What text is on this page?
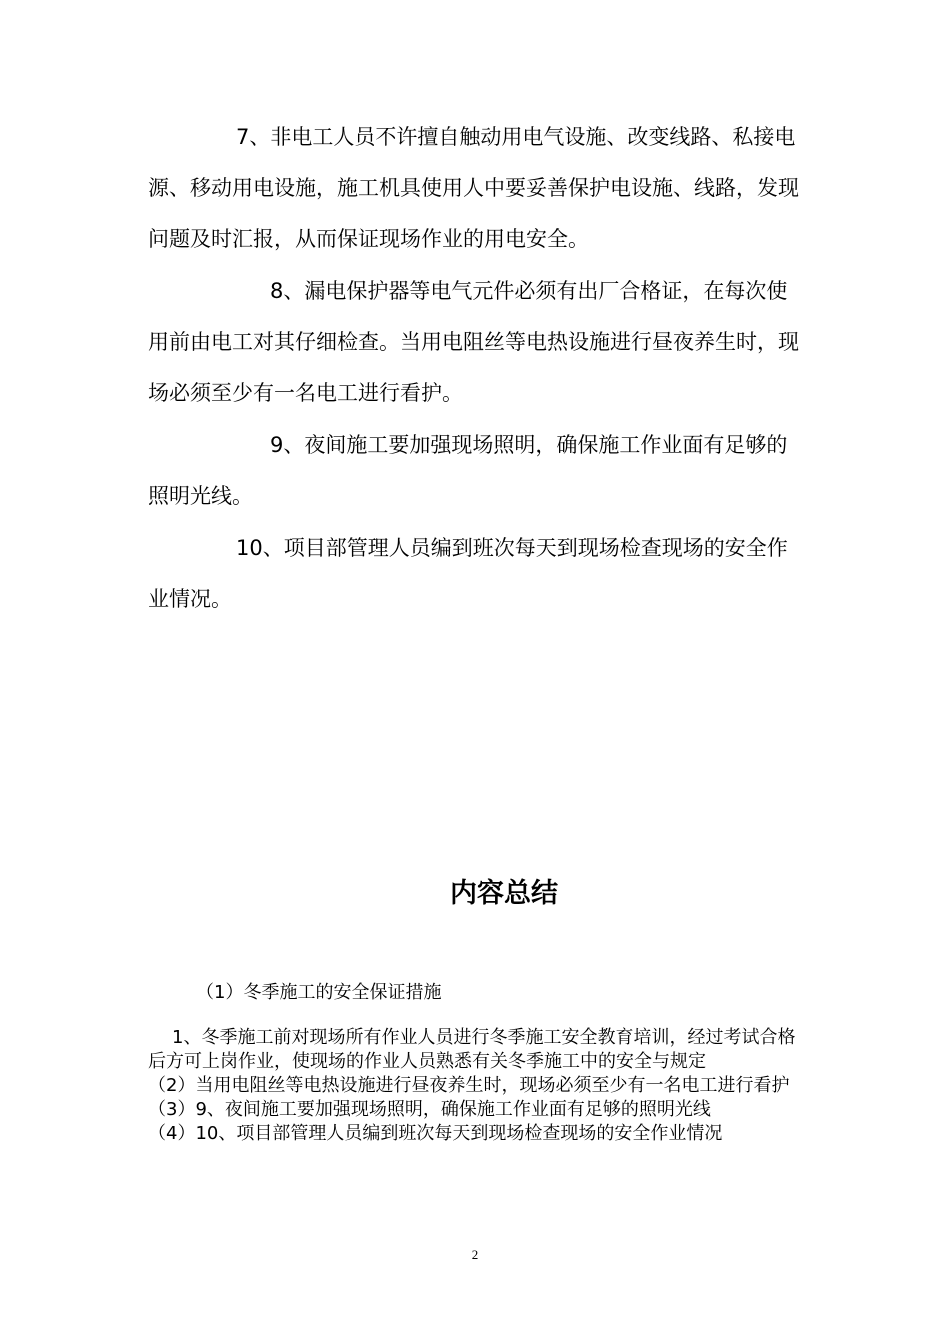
7、非电工人员不许擅自触动用电气设施、改变线路、私接电源、移动用电设施，施工机具使用人中要妥善保护电设施、线路，发现问题及时汇报，从而保证现场作业的用电安全。

8、漏电保护器等电气元件必须有出厂合格证，在每次使用前由电工对其仔细检查。当用电阻丝等电热设施进行昼夜养生时，现场必须至少有一名电工进行看护。

9、夜间施工要加强现场照明，确保施工作业面有足够的照明光线。

10、项目部管理人员编到班次每天到现场检查现场的安全作业情况。

内容总结

（1）冬季施工的安全保证措施

1、冬季施工前对现场所有作业人员进行冬季施工安全教育培训，经过考试合格后方可上岗作业，使现场的作业人员熟悉有关冬季施工中的安全与规定

（2）当用电阻丝等电热设施进行昼夜养生时，现场必须至少有一名电工进行看护

（3）9、夜间施工要加强现场照明，确保施工作业面有足够的照明光线

（4）10、项目部管理人员编到班次每天到现场检查现场的安全作业情况

2
